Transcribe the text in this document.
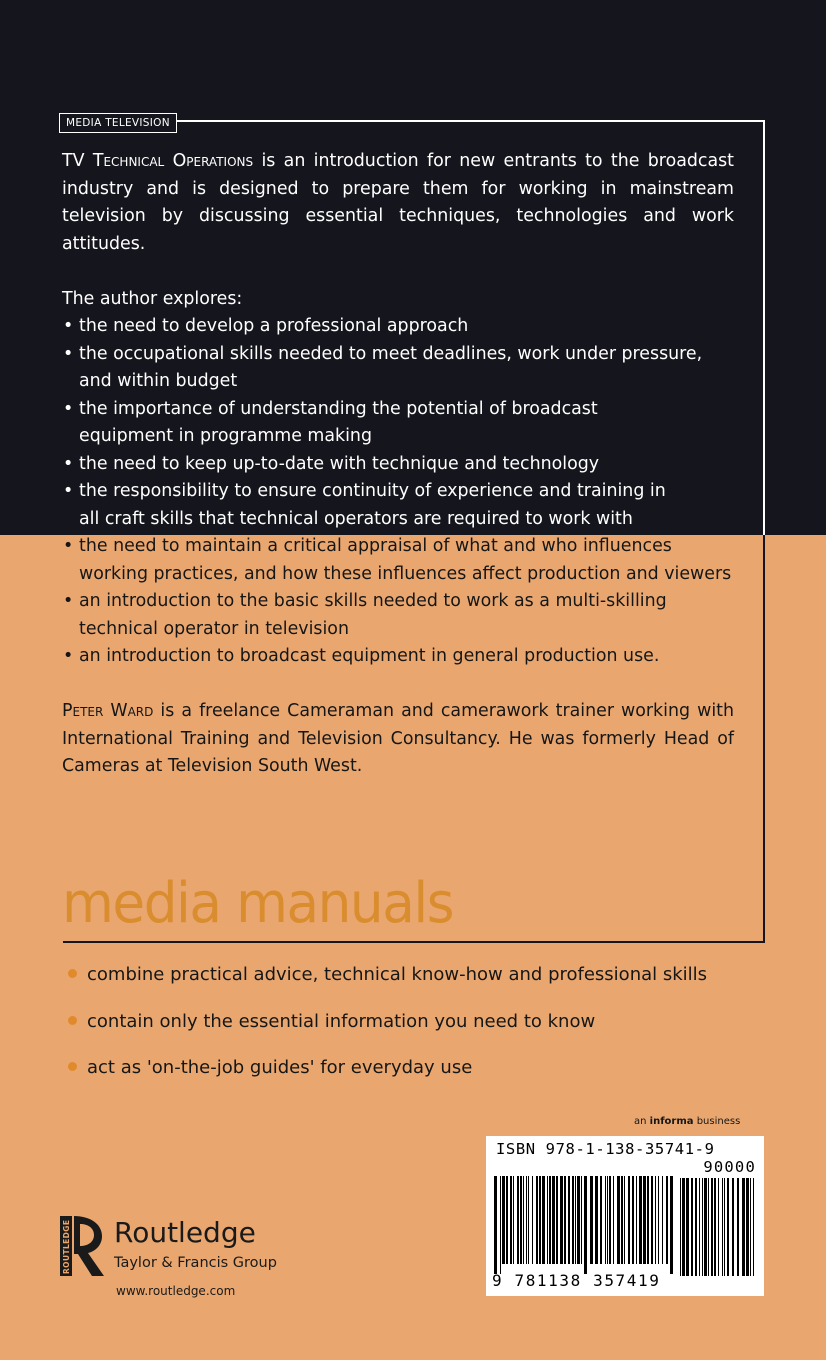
MEDIA TELEVISION

TV Technical Operations is an introduction for new entrants to the broadcast industry and is designed to prepare them for working in mainstream television by discussing essential techniques, technologies and work attitudes.

The author explores:
• the need to develop a professional approach
• the occupational skills needed to meet deadlines, work under pressure,
and within budget
• the importance of understanding the potential of broadcast
equipment in programme making
• the need to keep up-to-date with technique and technology
• the responsibility to ensure continuity of experience and training in
all craft skills that technical operators are required to work with
• the need to maintain a critical appraisal of what and who influences
working practices, and how these influences affect production and viewers
• an introduction to the basic skills needed to work as a multi-skilling
technical operator in television
• an introduction to broadcast equipment in general production use.

Peter Ward is a freelance Cameraman and camerawork trainer working with International Training and Television Consultancy. He was formerly Head of Cameras at Television South West.

media manuals
combine practical advice, technical know-how and professional skills
contain only the essential information you need to know
act as 'on-the-job guides' for everyday use
an informa business
ISBN 978-1-138-35741-9
90000
9 781138 357419
ROUTLEDGE Routledge
Taylor & Francis Group
www.routledge.com
